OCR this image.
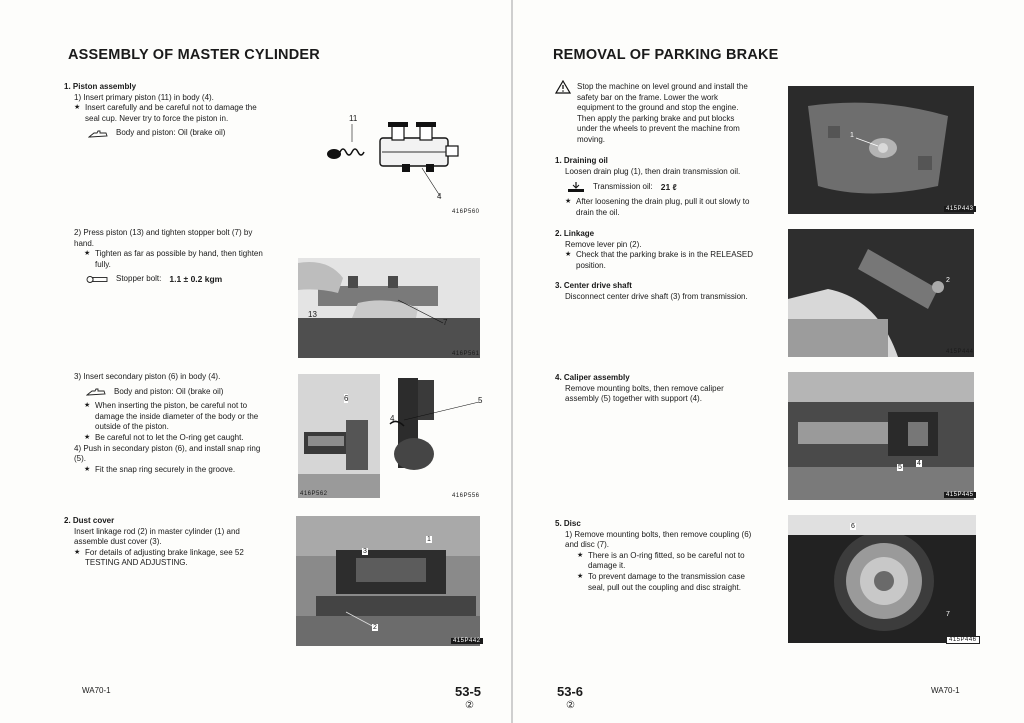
ASSEMBLY OF MASTER CYLINDER
1. Piston assembly
1) Insert primary piston (11) in body (4).
★ Insert carefully and be careful not to damage the seal cup. Never try to force the piston in.
Body and piston: Oil (brake oil)
11
4
416P560
2) Press piston (13) and tighten stopper bolt (7) by hand.
★ Tighten as far as possible by hand, then tighten fully.
Stopper bolt: 1.1 ± 0.2 kgm
13
7
416P561
3) Insert secondary piston (6) in body (4).
Body and piston: Oil (brake oil)
★ When inserting the piston, be careful not to damage the inside diameter of the body or the outside of the piston.
★ Be careful not to let the O-ring get caught.
4) Push in secondary piston (6), and install snap ring (5).
★ Fit the snap ring securely in the groove.
6
416P562
4
5
416P556
2. Dust cover
Insert linkage rod (2) in master cylinder (1) and assemble dust cover (3).
★ For details of adjusting brake linkage, see 52 TESTING AND ADJUSTING.
3
1
2
415P442
WA70-1	53-5
②
REMOVAL OF PARKING BRAKE
Stop the machine on level ground and install the safety bar on the frame. Lower the work equipment to the ground and stop the engine. Then apply the parking brake and put blocks under the wheels to prevent the machine from moving.
1. Draining oil
Loosen drain plug (1), then drain transmission oil.
Transmission oil: 21 ℓ
★ After loosening the drain plug, pull it out slowly to drain the oil.
1
415P443
2. Linkage
Remove lever pin (2).
★ Check that the parking brake is in the RELEASED position.
3. Center drive shaft
Disconnect center drive shaft (3) from transmission.
2
415P444
4. Caliper assembly
Remove mounting bolts, then remove caliper assembly (5) together with support (4).
5
4
415P445
5. Disc
1) Remove mounting bolts, then remove coupling (6) and disc (7).
★ There is an O-ring fitted, so be careful not to damage it.
★ To prevent damage to the transmission case seal, pull out the coupling and disc straight.
6
7
415P446
53-6
②
WA70-1
